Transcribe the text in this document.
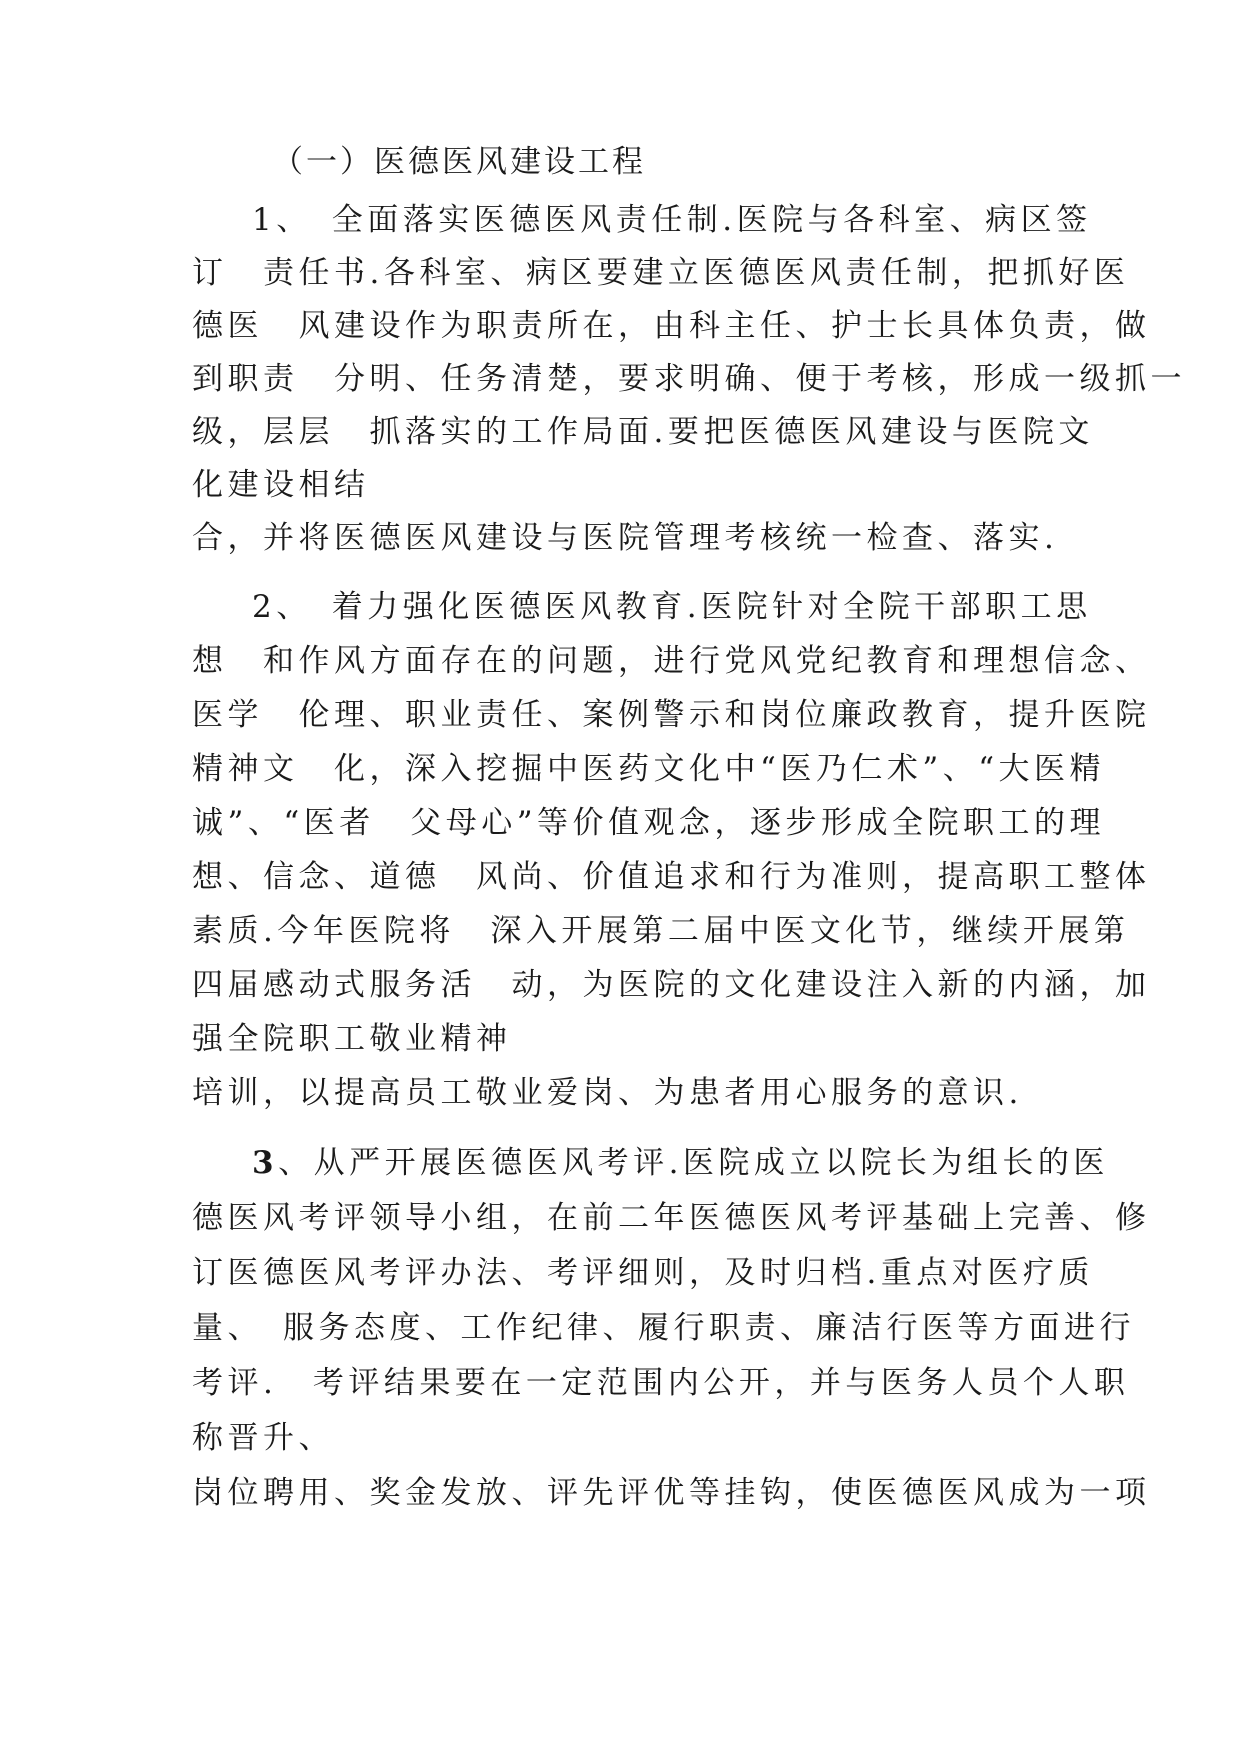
（一）医德医风建设工程
1、　全面落实医德医风责任制.医院与各科室、病区签
订　责任书.各科室、病区要建立医德医风责任制，把抓好医
德医　风建设作为职责所在，由科主任、护士长具体负责，做
到职责　分明、任务清楚，要求明确、便于考核，形成一级抓一
级，层层　抓落实的工作局面.要把医德医风建设与医院文
化建设相结
合，并将医德医风建设与医院管理考核统一检查、落实.
2、　着力强化医德医风教育.医院针对全院干部职工思
想　和作风方面存在的问题，进行党风党纪教育和理想信念、
医学　伦理、职业责任、案例警示和岗位廉政教育，提升医院
精神文　化，深入挖掘中医药文化中“医乃仁术”、“大医精
诚”、“医者　父母心”等价值观念，逐步形成全院职工的理
想、信念、道德　风尚、价值追求和行为准则，提高职工整体
素质.今年医院将　深入开展第二届中医文化节，继续开展第
四届感动式服务活　动，为医院的文化建设注入新的内涵，加
强全院职工敬业精神
培训，以提高员工敬业爱岗、为患者用心服务的意识.
3、从严开展医德医风考评.医院成立以院长为组长的医
德医风考评领导小组，在前二年医德医风考评基础上完善、修
订医德医风考评办法、考评细则，及时归档.重点对医疗质
量、　服务态度、工作纪律、履行职责、廉洁行医等方面进行
考评.　考评结果要在一定范围内公开，并与医务人员个人职
称晋升、
岗位聘用、奖金发放、评先评优等挂钩，使医德医风成为一项
